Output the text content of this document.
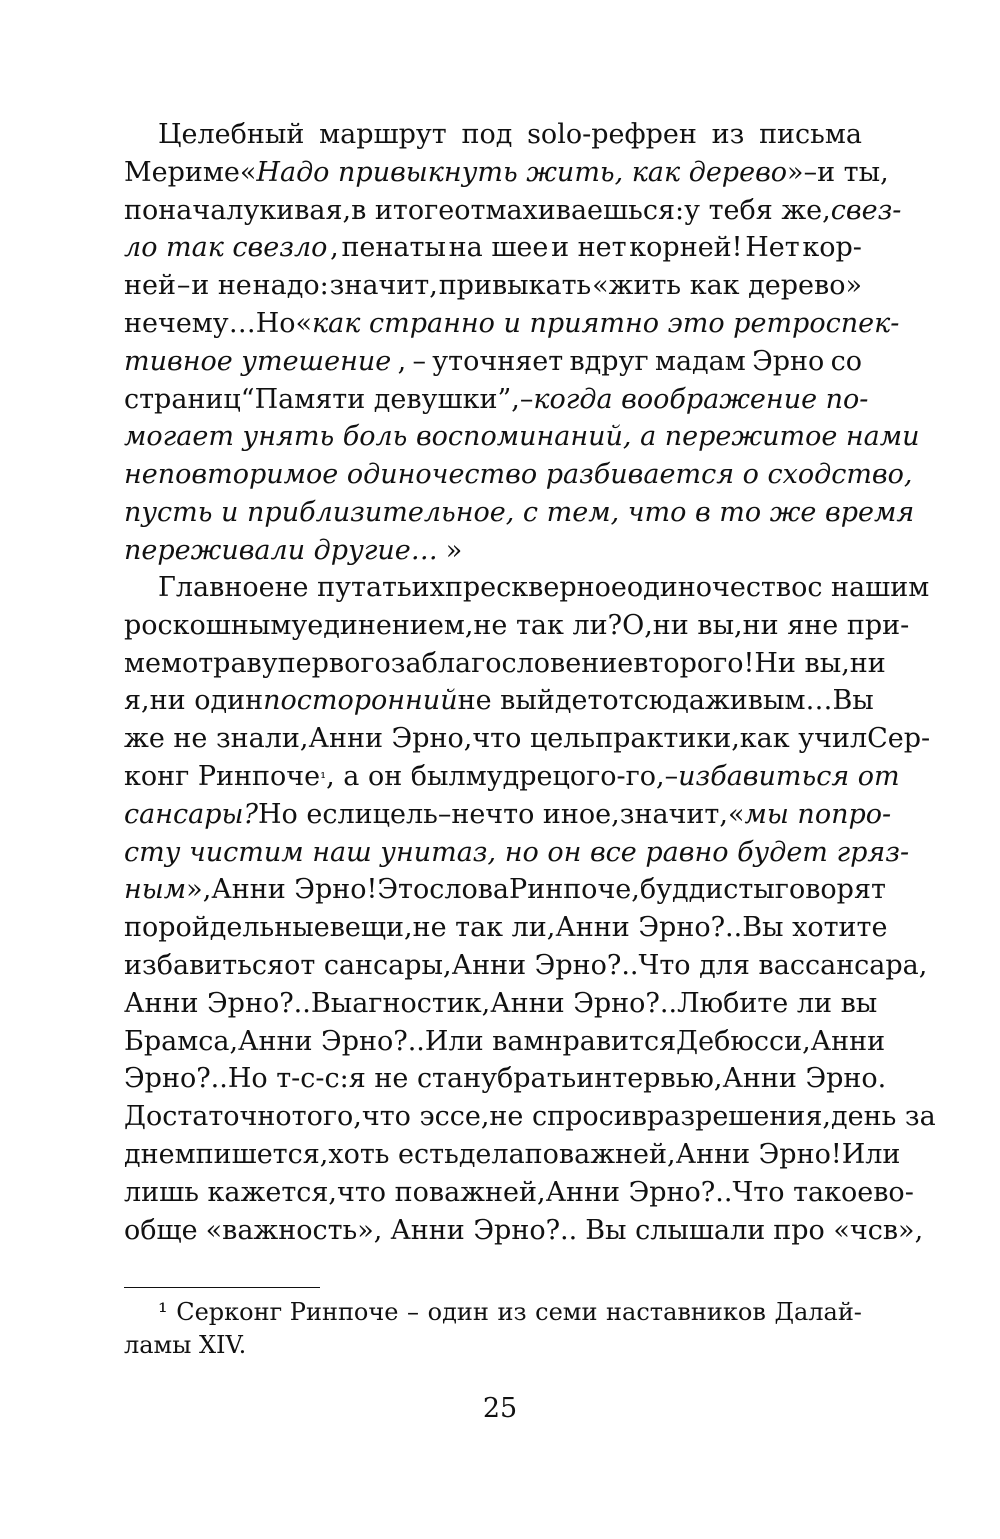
Целебный маршрут под solo-рефрен из письма
Мериме « Надо привыкнуть жить, как дерево » – и ты,
поначалу кивая, в итоге отмахиваешься: у тебя же, свез-
ло так свезло , пенаты на шее и нет корней! Нет кор-
ней – и не надо: значит, привыкать «жить как дерево»
нечему… Но « как странно и приятно это ретроспек-
тивное утешение , – уточняет вдруг мадам Эрно со
страниц “Памяти девушки”, – когда воображение по-
могает унять боль воспоминаний, а пережитое нами
неповторимое одиночество разбивается о сходство,
пусть и приблизительное, с тем, что в то же время
переживали другие… »
Главное не путать их прескверное одиночество с нашим
роскошным уединением, не так ли? О, ни вы, ни я не при-
мем отраву первого за благословение второго! Ни вы, ни
я, ни один посторонний не выйдет отсюда живым… Вы
же не знали, Анни Эрно, что цель практики, как учил Сер-
конг Ринпоче$^{^1}$ , а он был мудрец ого-го, – избавиться от
сансары? Но если цель – нечто иное, значит, « мы попро-
сту чистим наш унитаз, но он все равно будет гряз-
ным », Анни Эрно! Это слова Ринпоче, буддисты говорят
порой дельные вещи, не так ли, Анни Эрно?.. Вы хотите
избавиться от сансары, Анни Эрно?.. Что для вас сансара,
Анни Эрно?.. Вы агностик, Анни Эрно?.. Любите ли вы
Брамса, Анни Эрно?.. Или вам нравится Дебюсси, Анни
Эрно?.. Но т-с-с: я не стану брать интервью, Анни Эрно.
Достаточно того, что эссе, не спросив разрешения, день за
днем пишется, хоть есть дела поважней, Анни Эрно! Или
лишь кажется, что поважней, Анни Эрно?.. Что такое во-
обще «важность», Анни Эрно?.. Вы слышали про «чсв»,
¹ Серконг Ринпоче – один из семи наставников Далай-
ламы XIV.
25
